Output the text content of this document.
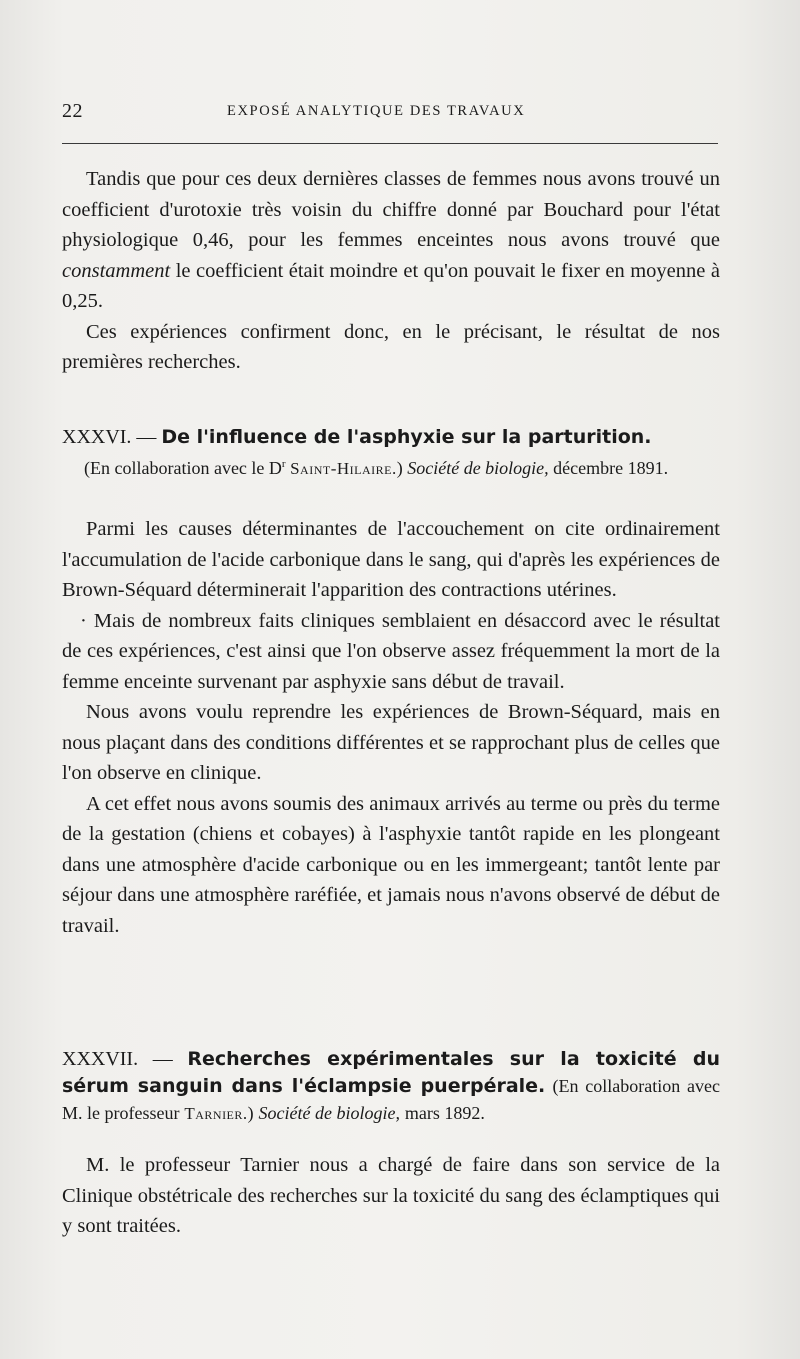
22	EXPOSÉ ANALYTIQUE DES TRAVAUX

Tandis que pour ces deux dernières classes de femmes nous avons trouvé un coefficient d'urotoxie très voisin du chiffre donné par Bouchard pour l'état physiologique 0,46, pour les femmes enceintes nous avons trouvé que constamment le coefficient était moindre et qu'on pouvait le fixer en moyenne à 0,25.

Ces expériences confirment donc, en le précisant, le résultat de nos premières recherches.

XXXVI. — De l'influence de l'asphyxie sur la parturition.
(En collaboration avec le $D^r$ Saint-Hilaire.) Société de biologie, décembre 1891.

Parmi les causes déterminantes de l'accouchement on cite ordinairement l'accumulation de l'acide carbonique dans le sang, qui d'après les expériences de Brown-Séquard déterminerait l'apparition des contractions utérines.

· Mais de nombreux faits cliniques semblaient en désaccord avec le résultat de ces expériences, c'est ainsi que l'on observe assez fréquemment la mort de la femme enceinte survenant par asphyxie sans début de travail.

Nous avons voulu reprendre les expériences de Brown-Séquard, mais en nous plaçant dans des conditions différentes et se rapprochant plus de celles que l'on observe en clinique.

A cet effet nous avons soumis des animaux arrivés au terme ou près du terme de la gestation (chiens et cobayes) à l'asphyxie tantôt rapide en les plongeant dans une atmosphère d'acide carbonique ou en les immergeant; tantôt lente par séjour dans une atmosphère raréfiée, et jamais nous n'avons observé de début de travail.

XXXVII. — Recherches expérimentales sur la toxicité du sérum sanguin dans l'éclampsie puerpérale. (En collaboration avec M. le professeur Tarnier.) Société de biologie, mars 1892.

M. le professeur Tarnier nous a chargé de faire dans son service de la Clinique obstétricale des recherches sur la toxicité du sang des éclamptiques qui y sont traitées.
